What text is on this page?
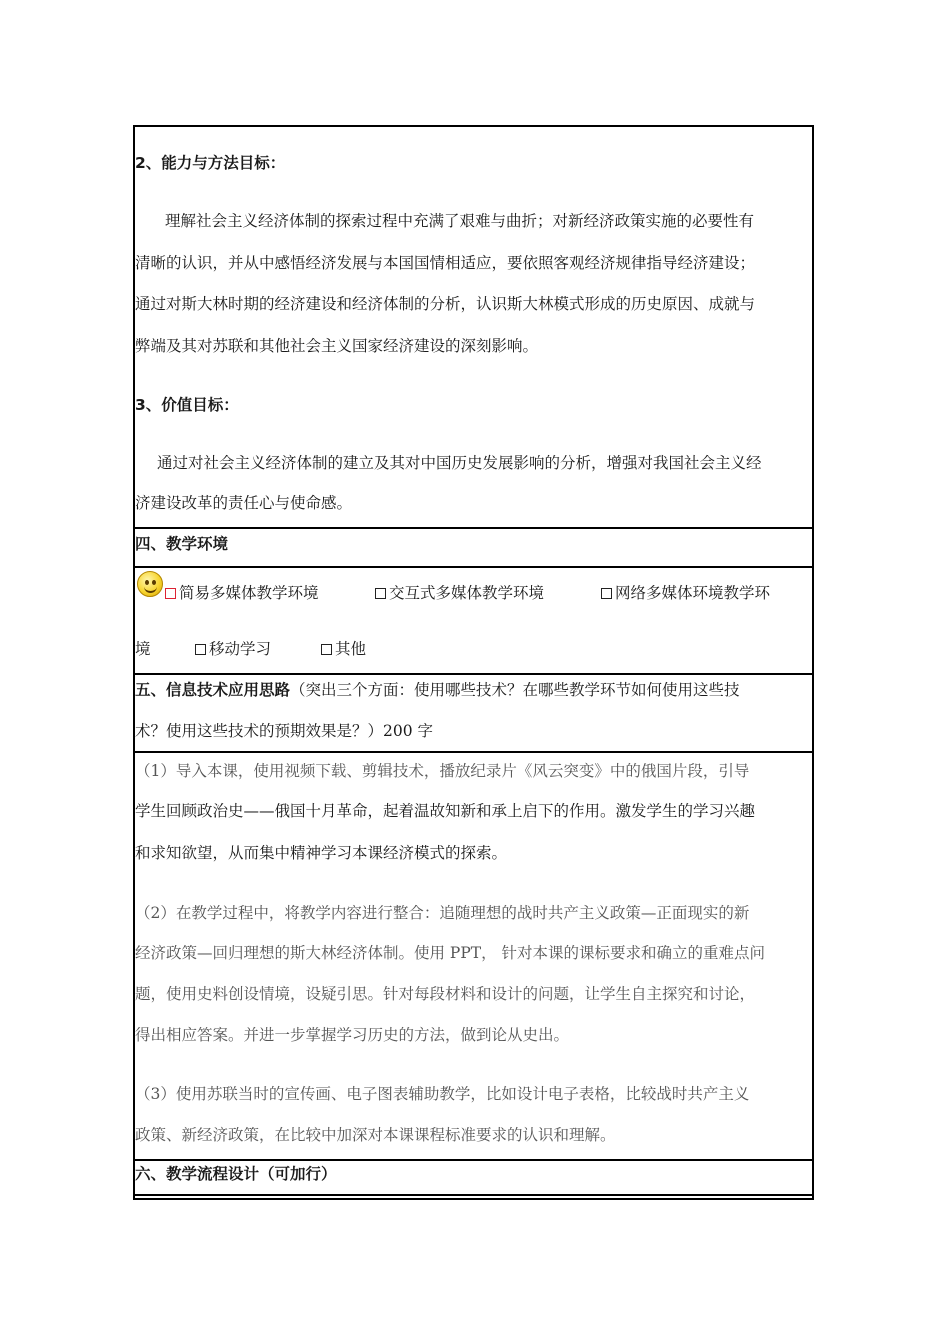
2、能力与方法目标：
理解社会主义经济体制的探索过程中充满了艰难与曲折；对新经济政策实施的必要性有
清晰的认识，并从中感悟经济发展与本国国情相适应，要依照客观经济规律指导经济建设；
通过对斯大林时期的经济建设和经济体制的分析，认识斯大林模式形成的历史原因、成就与
弊端及其对苏联和其他社会主义国家经济建设的深刻影响。
3、价值目标：
通过对社会主义经济体制的建立及其对中国历史发展影响的分析，增强对我国社会主义经
济建设改革的责任心与使命感。
四、教学环境
简易多媒体教学环境	交互式多媒体教学环境	网络多媒体环境教学环
境	移动学习	其他
五、信息技术应用思路（突出三个方面：使用哪些技术？在哪些教学环节如何使用这些技
术？使用这些技术的预期效果是？）200 字
（1）导入本课，使用视频下载、剪辑技术，播放纪录片《风云突变》中的俄国片段，引导
学生回顾政治史——俄国十月革命，起着温故知新和承上启下的作用。激发学生的学习兴趣
和求知欲望，从而集中精神学习本课经济模式的探索。
（2）在教学过程中，将教学内容进行整合：追随理想的战时共产主义政策—正面现实的新
经济政策—回归理想的斯大林经济体制。使用 PPT， 针对本课的课标要求和确立的重难点问
题，使用史料创设情境，设疑引思。针对每段材料和设计的问题，让学生自主探究和讨论，
得出相应答案。并进一步掌握学习历史的方法，做到论从史出。
（3）使用苏联当时的宣传画、电子图表辅助教学，比如设计电子表格，比较战时共产主义
政策、新经济政策，在比较中加深对本课课程标准要求的认识和理解。
六、教学流程设计（可加行）
